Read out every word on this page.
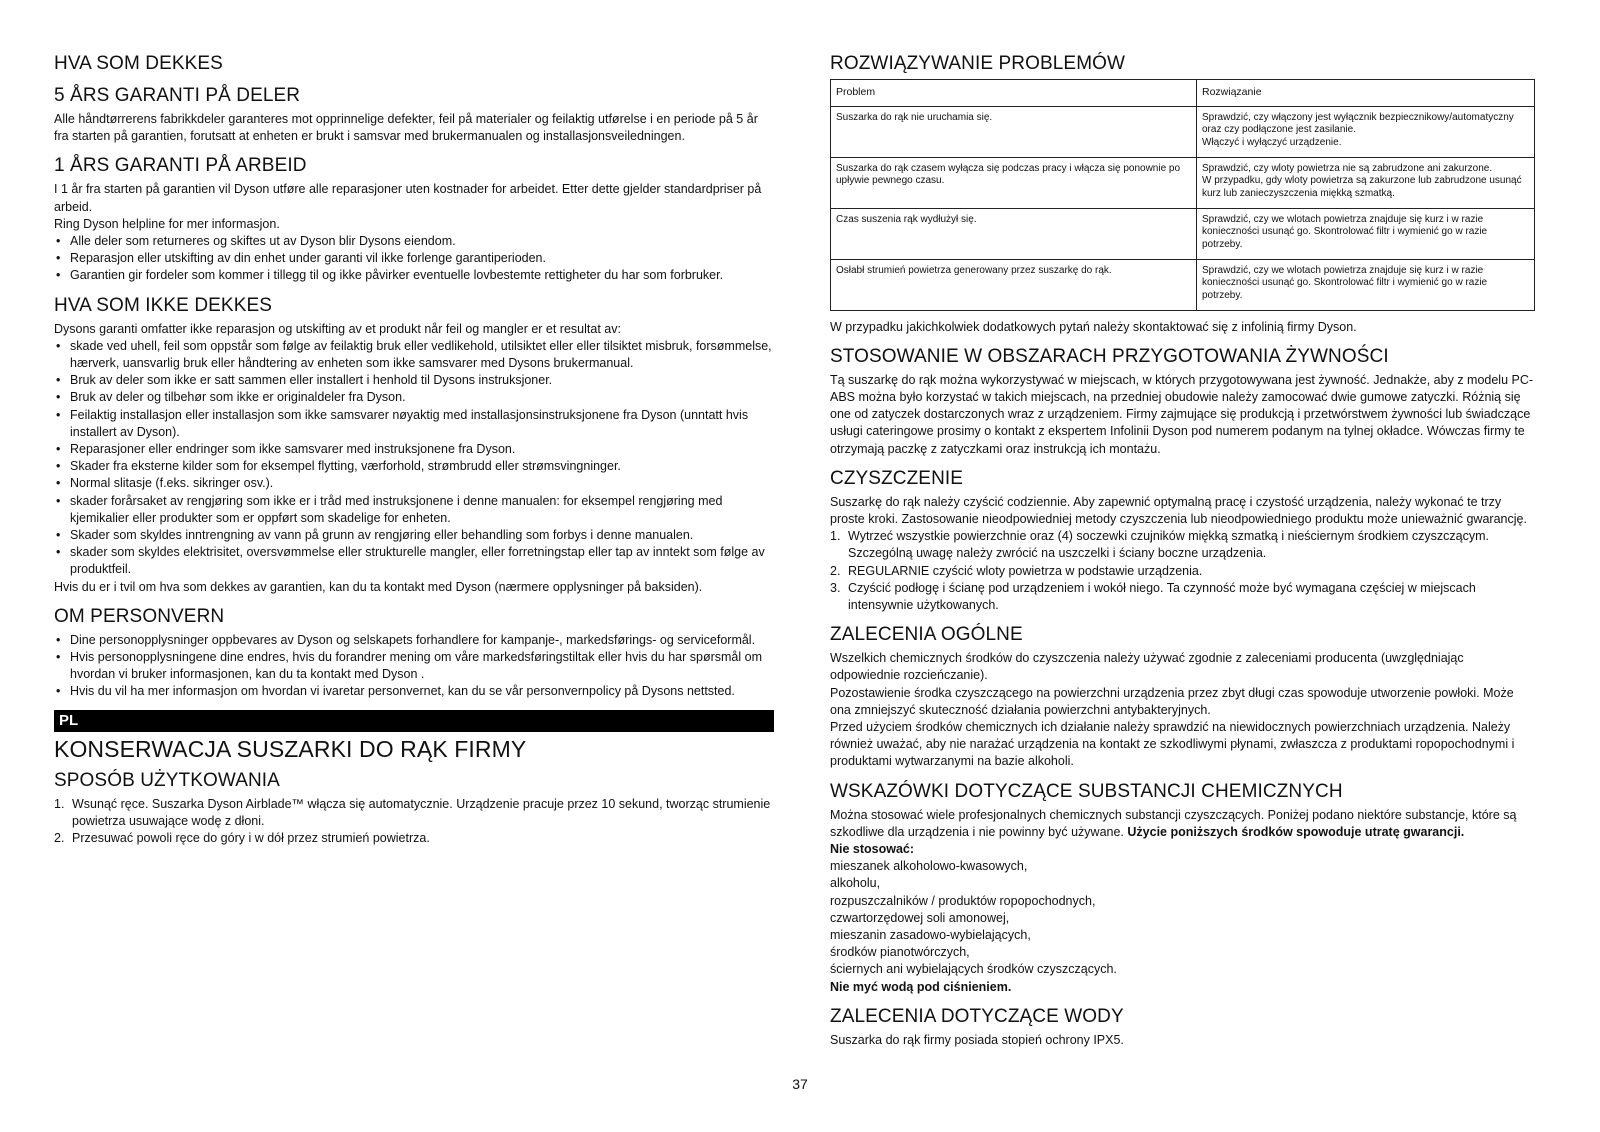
HVA SOM DEKKES
5 ÅRS GARANTI PÅ DELER

Alle håndtørrerens fabrikkdeler garanteres mot opprinnelige defekter, feil på materialer og feilaktig utførelse i en periode på 5 år fra starten på garantien, forutsatt at enheten er brukt i samsvar med brukermanualen og installasjonsveiledningen.

1 ÅRS GARANTI PÅ ARBEID

I 1 år fra starten på garantien vil Dyson utføre alle reparasjoner uten kostnader for arbeidet. Etter dette gjelder standardpriser på arbeid.

Ring Dyson helpline for mer informasjon.

• Alle deler som returneres og skiftes ut av Dyson blir Dysons eiendom.
• Reparasjon eller utskifting av din enhet under garanti vil ikke forlenge garantiperioden.
• Garantien gir fordeler som kommer i tillegg til og ikke påvirker eventuelle lovbestemte rettigheter du har som forbruker.
HVA SOM IKKE DEKKES

Dysons garanti omfatter ikke reparasjon og utskifting av et produkt når feil og mangler er et resultat av:

• skade ved uhell, feil som oppstår som følge av feilaktig bruk eller vedlikehold, utilsiktet eller eller tilsiktet misbruk, forsømmelse, hærverk, uansvarlig bruk eller håndtering av enheten som ikke samsvarer med Dysons brukermanual.
• Bruk av deler som ikke er satt sammen eller installert i henhold til Dysons instruksjoner.
• Bruk av deler og tilbehør som ikke er originaldeler fra Dyson.
• Feilaktig installasjon eller installasjon som ikke samsvarer nøyaktig med installasjonsinstruksjonene fra Dyson (unntatt hvis installert av Dyson).
• Reparasjoner eller endringer som ikke samsvarer med instruksjonene fra Dyson.
• Skader fra eksterne kilder som for eksempel flytting, værforhold, strømbrudd eller strømsvingninger.
• Normal slitasje (f.eks. sikringer osv.).
• skader forårsaket av rengjøring som ikke er i tråd med instruksjonene i denne manualen: for eksempel rengjøring med kjemikalier eller produkter som er oppført som skadelige for enheten.
• Skader som skyldes inntrengning av vann på grunn av rengjøring eller behandling som forbys i denne manualen.
• skader som skyldes elektrisitet, oversvømmelse eller strukturelle mangler, eller forretningstap eller tap av inntekt som følge av produktfeil.

Hvis du er i tvil om hva som dekkes av garantien, kan du ta kontakt med Dyson (nærmere opplysninger på baksiden).

OM PERSONVERN
• Dine personopplysninger oppbevares av Dyson og selskapets forhandlere for kampanje-, markedsførings- og serviceformål.
• Hvis personopplysningene dine endres, hvis du forandrer mening om våre markedsføringstiltak eller hvis du har spørsmål om hvordan vi bruker informasjonen, kan du ta kontakt med Dyson .
• Hvis du vil ha mer informasjon om hvordan vi ivaretar personvernet, kan du se vår personvernpolicy på Dysons nettsted.
PL
KONSERWACJA SUSZARKI DO RĄK FIRMY
SPOSÓB UŻYTKOWANIA
Wsunąć ręce. Suszarka Dyson Airblade™ włącza się automatycznie. Urządzenie pracuje przez 10 sekund, tworząc strumienie powietrza usuwające wodę z dłoni.
Przesuwać powoli ręce do góry i w dół przez strumień powietrza.
ROZWIĄZYWANIE PROBLEMÓW
Problem	Rozwiązanie
Suszarka do rąk nie uruchamia się.	Sprawdzić, czy włączony jest wyłącznik bezpiecznikowy/automatyczny oraz czy podłączone jest zasilanie.
Włączyć i wyłączyć urządzenie.
Suszarka do rąk czasem wyłącza się podczas pracy i włącza się ponownie po upływie pewnego czasu.	Sprawdzić, czy wloty powietrza nie są zabrudzone ani zakurzone.
W przypadku, gdy wloty powietrza są zakurzone lub zabrudzone usunąć kurz lub zanieczyszczenia miękką szmatką.
Czas suszenia rąk wydłużył się.	Sprawdzić, czy we wlotach powietrza znajduje się kurz i w razie konieczności usunąć go. Skontrolować filtr i wymienić go w razie potrzeby.
Osłabł strumień powietrza generowany przez suszarkę do rąk.	Sprawdzić, czy we wlotach powietrza znajduje się kurz i w razie konieczności usunąć go. Skontrolować filtr i wymienić go w razie potrzeby.

W przypadku jakichkolwiek dodatkowych pytań należy skontaktować się z infolinią firmy Dyson.

STOSOWANIE W OBSZARACH PRZYGOTOWANIA ŻYWNOŚCI

Tą suszarkę do rąk można wykorzystywać w miejscach, w których przygotowywana jest żywność. Jednakże, aby z modelu PC-ABS można było korzystać w takich miejscach, na przedniej obudowie należy zamocować dwie gumowe zatyczki. Różnią się one od zatyczek dostarczonych wraz z urządzeniem. Firmy zajmujące się produkcją i przetwórstwem żywności lub świadczące usługi cateringowe prosimy o kontakt z ekspertem Infolinii Dyson pod numerem podanym na tylnej okładce. Wówczas firmy te otrzymają paczkę z zatyczkami oraz instrukcją ich montażu.

CZYSZCZENIE

Suszarkę do rąk należy czyścić codziennie. Aby zapewnić optymalną pracę i czystość urządzenia, należy wykonać te trzy proste kroki. Zastosowanie nieodpowiedniej metody czyszczenia lub nieodpowiedniego produktu może unieważnić gwarancję.

Wytrzeć wszystkie powierzchnie oraz (4) soczewki czujników miękką szmatką i nieściernym środkiem czyszczącym. Szczególną uwagę należy zwrócić na uszczelki i ściany boczne urządzenia.
REGULARNIE czyścić wloty powietrza w podstawie urządzenia.
Czyścić podłogę i ścianę pod urządzeniem i wokół niego. Ta czynność może być wymagana częściej w miejscach intensywnie użytkowanych.
ZALECENIA OGÓLNE

Wszelkich chemicznych środków do czyszczenia należy używać zgodnie z zaleceniami producenta (uwzględniając odpowiednie rozcieńczanie).

Pozostawienie środka czyszczącego na powierzchni urządzenia przez zbyt długi czas spowoduje utworzenie powłoki. Może ona zmniejszyć skuteczność działania powierzchni antybakteryjnych.

Przed użyciem środków chemicznych ich działanie należy sprawdzić na niewidocznych powierzchniach urządzenia. Należy również uważać, aby nie narażać urządzenia na kontakt ze szkodliwymi płynami, zwłaszcza z produktami ropopochodnymi i produktami wytwarzanymi na bazie alkoholi.

WSKAZÓWKI DOTYCZĄCE SUBSTANCJI CHEMICZNYCH

Można stosować wiele profesjonalnych chemicznych substancji czyszczących. Poniżej podano niektóre substancje, które są szkodliwe dla urządzenia i nie powinny być używane. Użycie poniższych środków spowoduje utratę gwarancji.

Nie stosować:

mieszanek alkoholowo-kwasowych,

alkoholu,

rozpuszczalników / produktów ropopochodnych,

czwartorzędowej soli amonowej,

mieszanin zasadowo-wybielających,

środków pianotwórczych,

ściernych ani wybielających środków czyszczących.

Nie myć wodą pod ciśnieniem.

ZALECENIA DOTYCZĄCE WODY

Suszarka do rąk firmy posiada stopień ochrony IPX5.

37
